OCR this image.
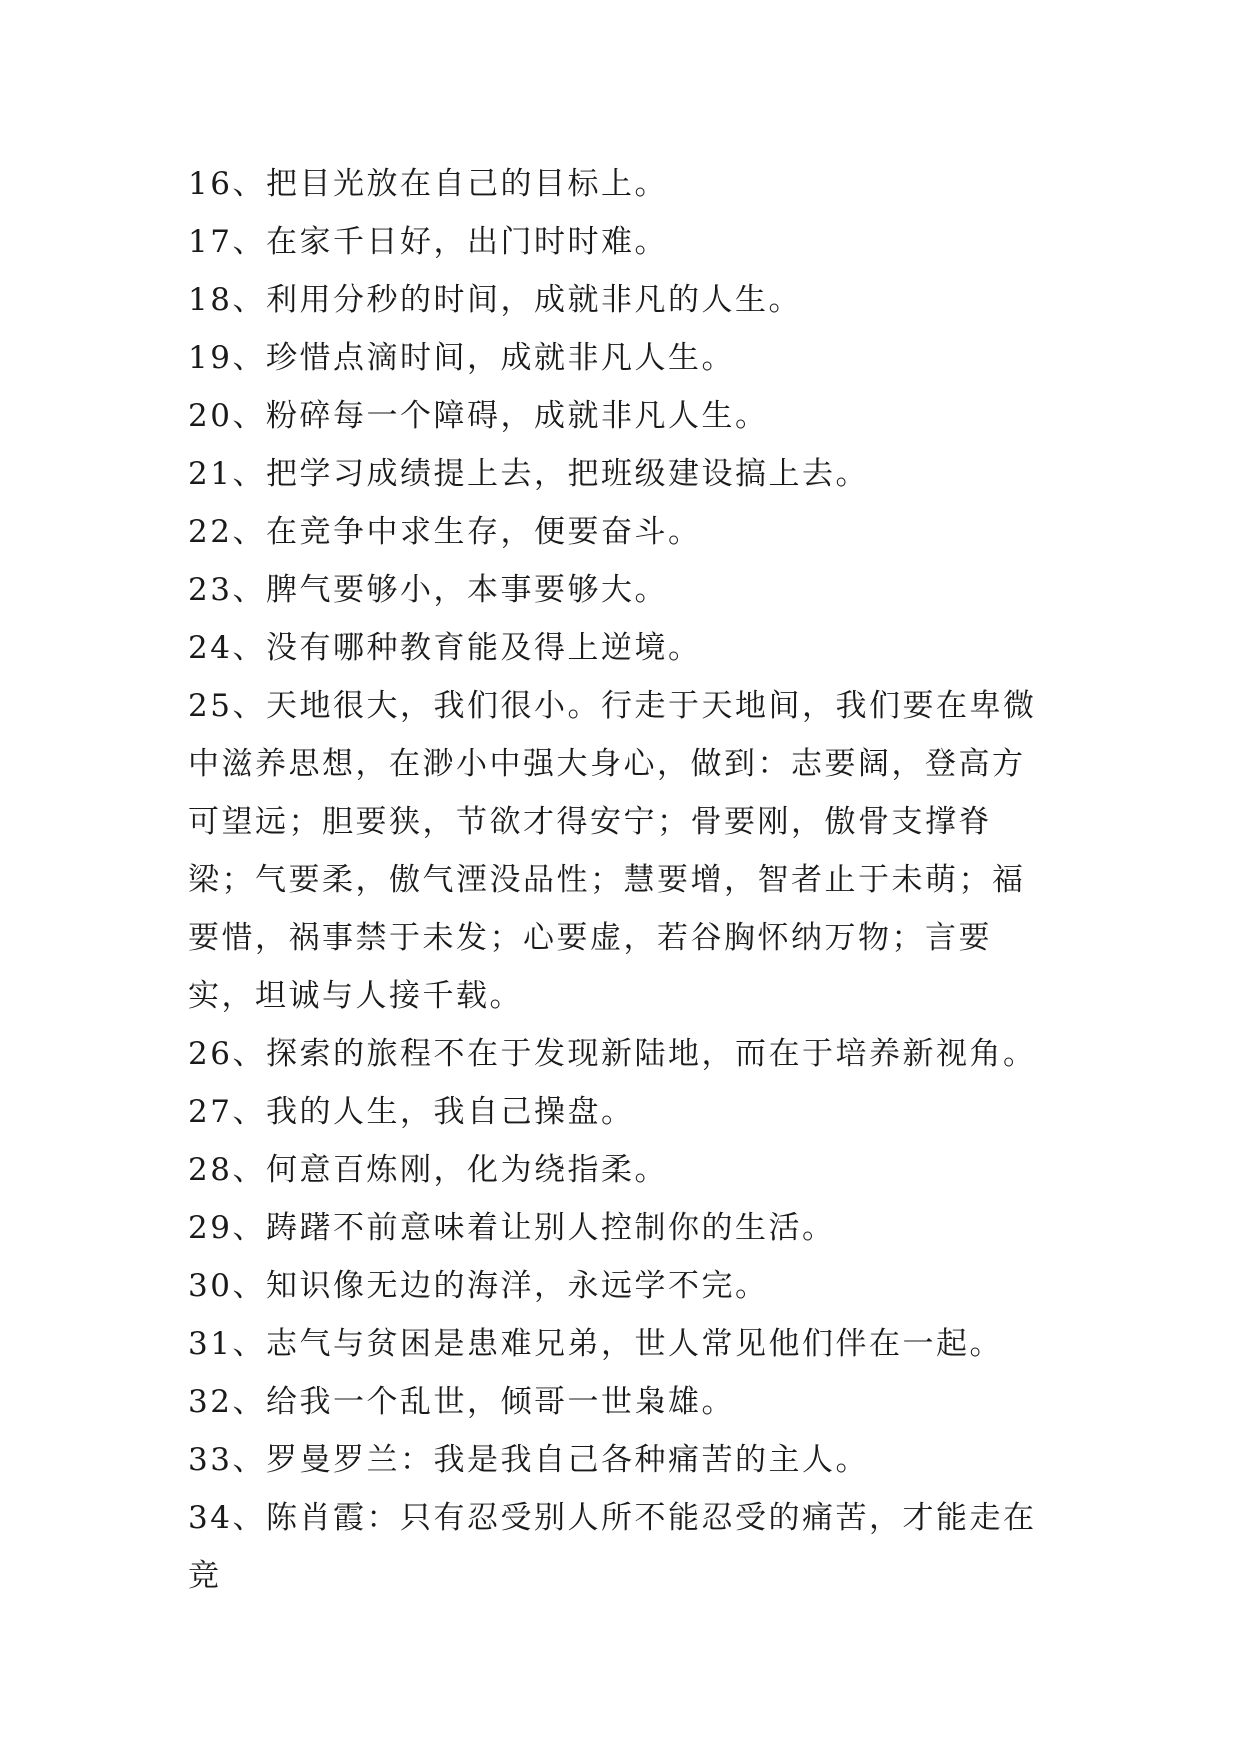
16、把目光放在自己的目标上。

17、在家千日好，出门时时难。

18、利用分秒的时间，成就非凡的人生。

19、珍惜点滴时间，成就非凡人生。

20、粉碎每一个障碍，成就非凡人生。

21、把学习成绩提上去，把班级建设搞上去。

22、在竞争中求生存，便要奋斗。

23、脾气要够小，本事要够大。

24、没有哪种教育能及得上逆境。

25、天地很大，我们很小。行走于天地间，我们要在卑微中滋养思想，在渺小中强大身心，做到：志要阔，登高方可望远；胆要狭，节欲才得安宁；骨要刚，傲骨支撑脊梁；气要柔，傲气湮没品性；慧要增，智者止于未萌；福要惜，祸事禁于未发；心要虚，若谷胸怀纳万物；言要实，坦诚与人接千载。

26、探索的旅程不在于发现新陆地，而在于培养新视角。

27、我的人生，我自己操盘。

28、何意百炼刚，化为绕指柔。

29、踌躇不前意味着让别人控制你的生活。

30、知识像无边的海洋，永远学不完。

31、志气与贫困是患难兄弟，世人常见他们伴在一起。

32、给我一个乱世，倾哥一世枭雄。

33、罗曼罗兰：我是我自己各种痛苦的主人。

34、陈肖霞：只有忍受别人所不能忍受的痛苦，才能走在竞
